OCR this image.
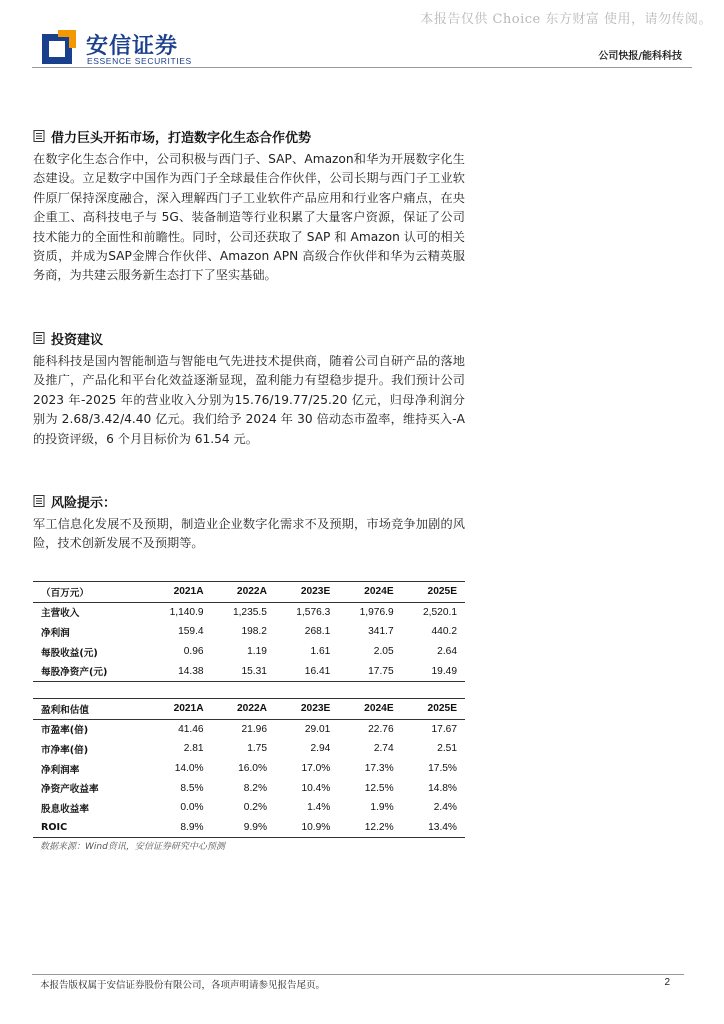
本报告仅供 Choice 东方财富 使用，请勿传阅。
安信证券
ESSENCE SECURITIES	公司快报/能科科技
借力巨头开拓市场，打造数字化生态合作优势

在数字化生态合作中，公司积极与西门子、SAP、Amazon和华为开展数字化生态建设。立足数字中国作为西门子全球最佳合作伙伴，公司长期与西门子工业软件原厂保持深度融合，深入理解西门子工业软件产品应用和行业客户痛点，在央企重工、高科技电子与 5G、装备制造等行业积累了大量客户资源，保证了公司技术能力的全面性和前瞻性。同时，公司还获取了 SAP 和 Amazon 认可的相关资质，并成为SAP金牌合作伙伴、Amazon APN 高级合作伙伴和华为云精英服务商，为共建云服务新生态打下了坚实基础。

投资建议

能科科技是国内智能制造与智能电气先进技术提供商，随着公司自研产品的落地及推广，产品化和平台化效益逐渐显现，盈利能力有望稳步提升。我们预计公司 2023 年-2025 年的营业收入分别为15.76/19.77/25.20 亿元，归母净利润分别为 2.68/3.42/4.40 亿元。我们给予 2024 年 30 倍动态市盈率，维持买入-A 的投资评级，6 个月目标价为 61.54 元。

风险提示：

军工信息化发展不及预期，制造业企业数字化需求不及预期，市场竞争加剧的风险，技术创新发展不及预期等。

（百万元）	2021A	2022A	2023E	2024E	2025E
主营收入	1,140.9	1,235.5	1,576.3	1,976.9	2,520.1
净利润	159.4	198.2	268.1	341.7	440.2
每股收益(元)	0.96	1.19	1.61	2.05	2.64
每股净资产(元)	14.38	15.31	16.41	17.75	19.49
盈利和估值	2021A	2022A	2023E	2024E	2025E
市盈率(倍)	41.46	21.96	29.01	22.76	17.67
市净率(倍)	2.81	1.75	2.94	2.74	2.51
净利润率	14.0%	16.0%	17.0%	17.3%	17.5%
净资产收益率	8.5%	8.2%	10.4%	12.5%	14.8%
股息收益率	0.0%	0.2%	1.4%	1.9%	2.4%
ROIC	8.9%	9.9%	10.9%	12.2%	13.4%
数据来源：Wind资讯，安信证券研究中心预测
本报告版权属于安信证券股份有限公司，各项声明请参见报告尾页。	2
